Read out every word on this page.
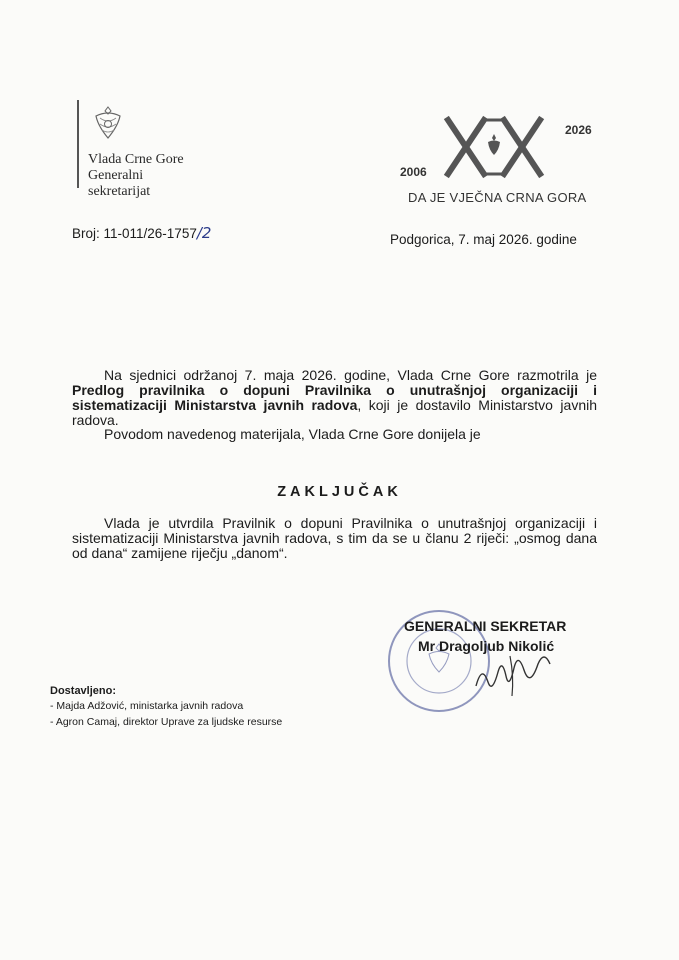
Vlada Crne Gore
Generalni
sekretarijat
2006
2026
DA JE VJEČNA CRNA GORA
Broj: 11-011/26-1757/2	Podgorica, 7. maj 2026. godine
Na sjednici održanoj 7. maja 2026. godine, Vlada Crne Gore razmotrila je Predlog pravilnika o dopuni Pravilnika o unutrašnjoj organizaciji i sistematizaciji Ministarstva javnih radova, koji je dostavilo Ministarstvo javnih radova.
Povodom navedenog materijala, Vlada Crne Gore donijela je
ZAKLJUČAK
Vlada je utvrdila Pravilnik o dopuni Pravilnika o unutrašnjoj organizaciji i sistematizaciji Ministarstva javnih radova, s tim da se u članu 2 riječi: „osmog dana od dana“ zamijene riječju „danom“.
GENERALNI SEKRETAR
Mr Dragoljub Nikolić
Dostavljeno:
- Majda Adžović, ministarka javnih radova
- Agron Camaj, direktor Uprave za ljudske resurse
